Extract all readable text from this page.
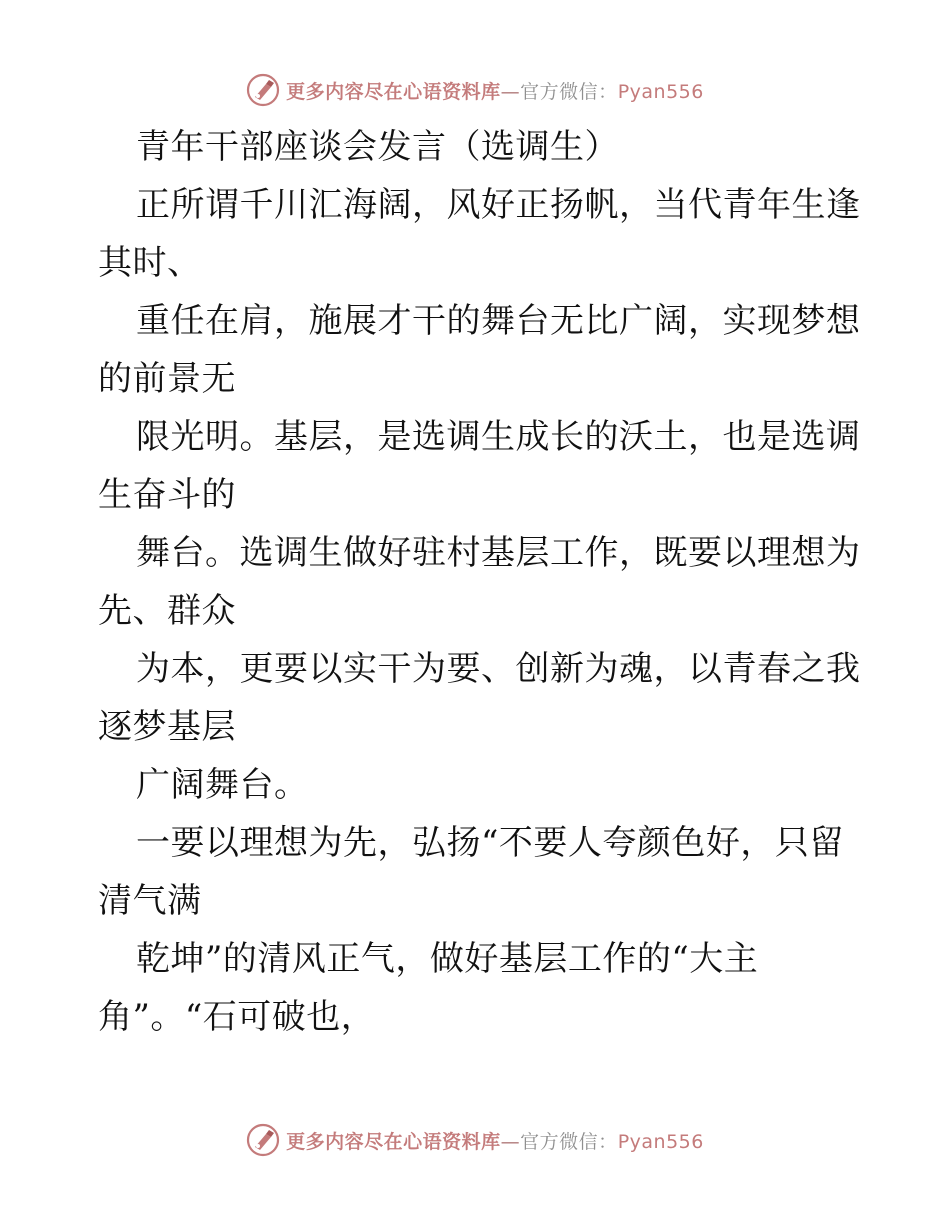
更多内容尽在心语资料库—官方微信：Pyan556
青年干部座谈会发言（选调生）
正所谓千川汇海阔，风好正扬帆，当代青年生逢
其时、
重任在肩，施展才干的舞台无比广阔，实现梦想
的前景无
限光明。基层，是选调生成长的沃土，也是选调
生奋斗的
舞台。选调生做好驻村基层工作，既要以理想为
先、群众
为本，更要以实干为要、创新为魂，以青春之我
逐梦基层
广阔舞台。
一要以理想为先，弘扬“不要人夸颜色好，只留
清气满
乾坤”的清风正气，做好基层工作的“大主
角”。“石可破也，
更多内容尽在心语资料库—官方微信：Pyan556
